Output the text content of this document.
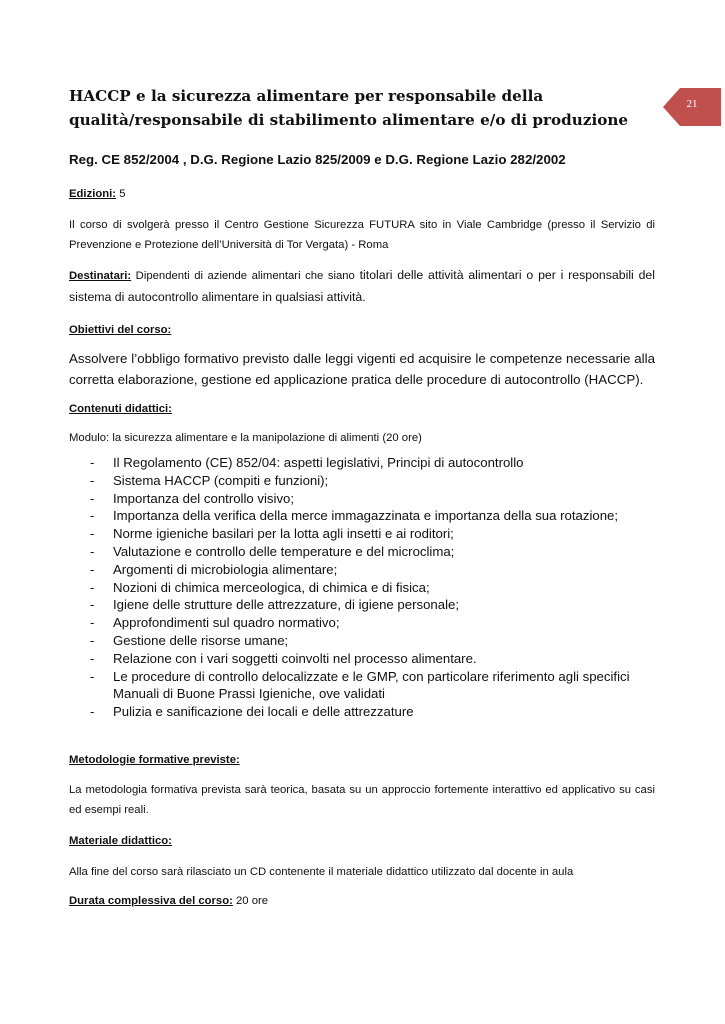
21
HACCP e la sicurezza alimentare per responsabile della qualità/responsabile di stabilimento alimentare e/o di produzione

Reg. CE 852/2004 , D.G. Regione Lazio 825/2009 e D.G. Regione Lazio 282/2002

Edizioni: 5

Il corso di svolgerà presso il Centro Gestione Sicurezza FUTURA sito in Viale Cambridge (presso il Servizio di Prevenzione e Protezione dell’Università di Tor Vergata) - Roma

Destinatari: Dipendenti di aziende alimentari che siano titolari delle attività alimentari o per i responsabili del sistema di autocontrollo alimentare in qualsiasi attività.

Obiettivi del corso:

Assolvere l’obbligo formativo previsto dalle leggi vigenti ed acquisire le competenze necessarie alla corretta elaborazione, gestione ed applicazione pratica delle procedure di autocontrollo (HACCP).

Contenuti didattici:

Modulo: la sicurezza alimentare e la manipolazione di alimenti (20 ore)

- Il Regolamento (CE) 852/04: aspetti legislativi, Principi di autocontrollo
- Sistema HACCP (compiti e funzioni);
- Importanza del controllo visivo;
- Importanza della verifica della merce immagazzinata e importanza della sua rotazione;
- Norme igieniche basilari per la lotta agli insetti e ai roditori;
- Valutazione e controllo delle temperature e del microclima;
- Argomenti di microbiologia alimentare;
- Nozioni di chimica merceologica, di chimica e di fisica;
- Igiene delle strutture delle attrezzature, di igiene personale;
- Approfondimenti sul quadro normativo;
- Gestione delle risorse umane;
- Relazione con i vari soggetti coinvolti nel processo alimentare.
- Le procedure di controllo delocalizzate e le GMP, con particolare riferimento agli specifici Manuali di Buone Prassi Igieniche, ove validati
- Pulizia e sanificazione dei locali e delle attrezzature

Metodologie formative previste:

La metodologia formativa prevista sarà teorica, basata su un approccio fortemente interattivo ed applicativo su casi ed esempi reali.

Materiale didattico:

Alla fine del corso sarà rilasciato un CD contenente il materiale didattico utilizzato dal docente in aula

Durata complessiva del corso: 20 ore
